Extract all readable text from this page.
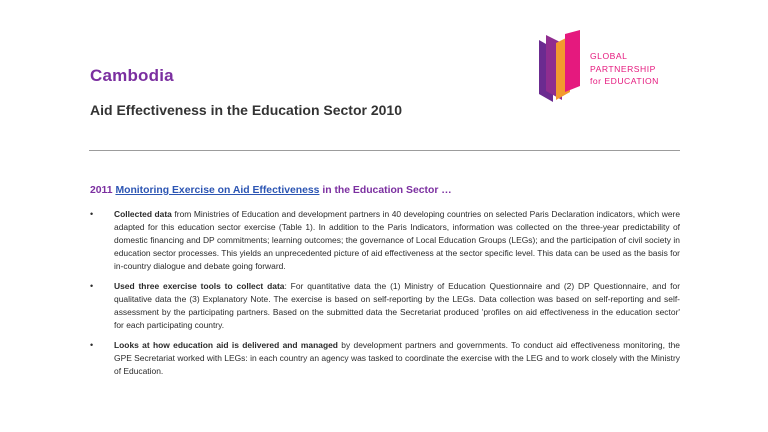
Cambodia
Aid Effectiveness in the Education Sector 2010
GLOBAL
PARTNERSHIP
for EDUCATION
2011 Monitoring Exercise on Aid Effectiveness in the Education Sector …
• Collected data from Ministries of Education and development partners in 40 developing countries on selected Paris Declaration indicators, which were adapted for this education sector exercise (Table 1). In addition to the Paris Indicators, information was collected on the three-year predictability of domestic financing and DP commitments; learning outcomes; the governance of Local Education Groups (LEGs); and the participation of civil society in education sector processes. This yields an unprecedented picture of aid effectiveness at the sector specific level. This data can be used as the basis for in-country dialogue and debate going forward.
• Used three exercise tools to collect data: For quantitative data the (1) Ministry of Education Questionnaire and (2) DP Questionnaire, and for qualitative data the (3) Explanatory Note. The exercise is based on self-reporting by the LEGs. Data collection was based on self-reporting and self-assessment by the participating partners. Based on the submitted data the Secretariat produced 'profiles on aid effectiveness in the education sector' for each participating country.
• Looks at how education aid is delivered and managed by development partners and governments. To conduct aid effectiveness monitoring, the GPE Secretariat worked with LEGs: in each country an agency was tasked to coordinate the exercise with the LEG and to work closely with the Ministry of Education.
